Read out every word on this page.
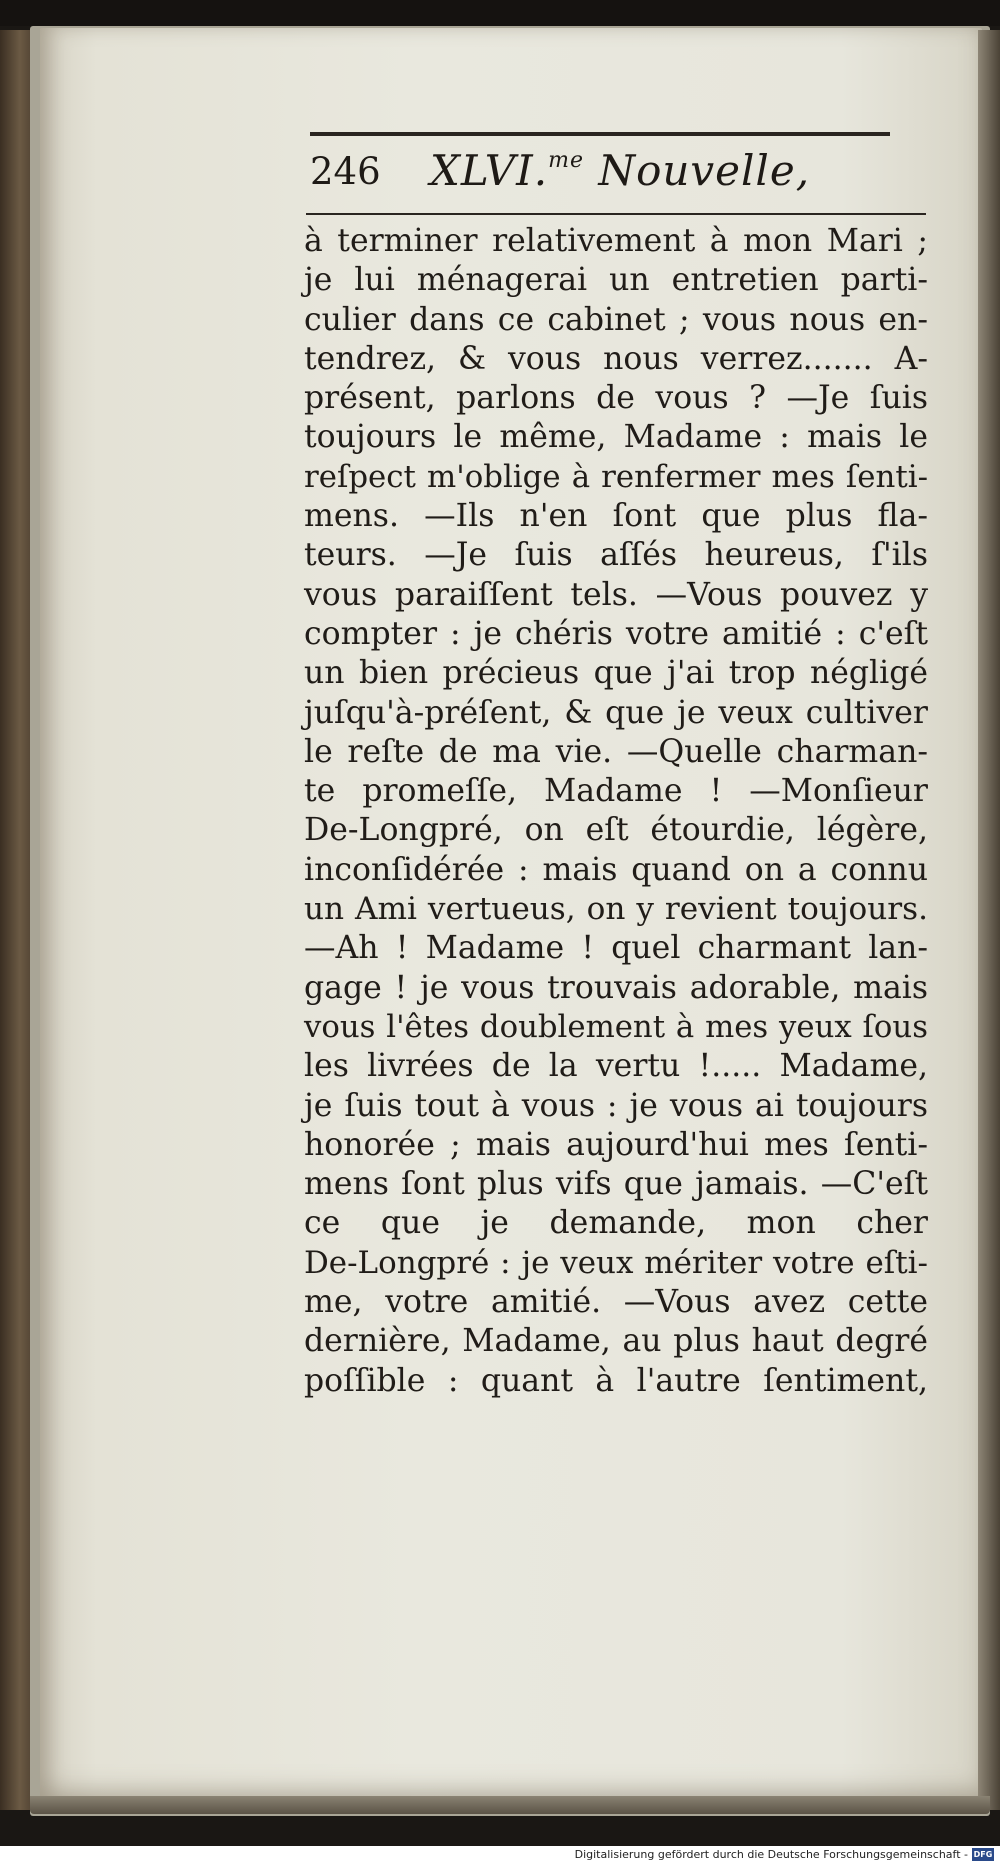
246 XLVI.$^{me}$ Nouvelle,
à terminer relativement à mon Mari ;
je lui ménagerai un entretien parti-
culier dans ce cabinet ; vous nous en-
tendrez, & vous nous verrez....... A-
présent, parlons de vous ? —Je ſuis
toujours le même, Madame : mais le
reſpect m'oblige à renfermer mes ſenti-
mens. —Ils n'en ſont que plus fla-
teurs. —Je ſuis aſſés heureus, ſ'ils
vous paraiſſent tels. —Vous pouvez y
compter : je chéris votre amitié : c'eſt
un bien précieus que j'ai trop négligé
juſqu'à-préſent, & que je veux cultiver
le reſte de ma vie. —Quelle charman-
te promeſſe, Madame ! —Monſieur
De-Longpré, on eſt étourdie, légère,
inconſidérée : mais quand on a connu
un Ami vertueus, on y revient toujours.
—Ah ! Madame ! quel charmant lan-
gage ! je vous trouvais adorable, mais
vous l'êtes doublement à mes yeux ſous
les livrées de la vertu !..... Madame,
je ſuis tout à vous : je vous ai toujours
honorée ; mais aujourd'hui mes ſenti-
mens ſont plus vifs que jamais. —C'eſt
ce que je demande, mon cher
De-Longpré : je veux mériter votre eſti-
me, votre amitié. —Vous avez cette
dernière, Madame, au plus haut degré
poſſible : quant à l'autre ſentiment,
Digitalisierung gefördert durch die Deutsche Forschungsgemeinschaft - DFG
